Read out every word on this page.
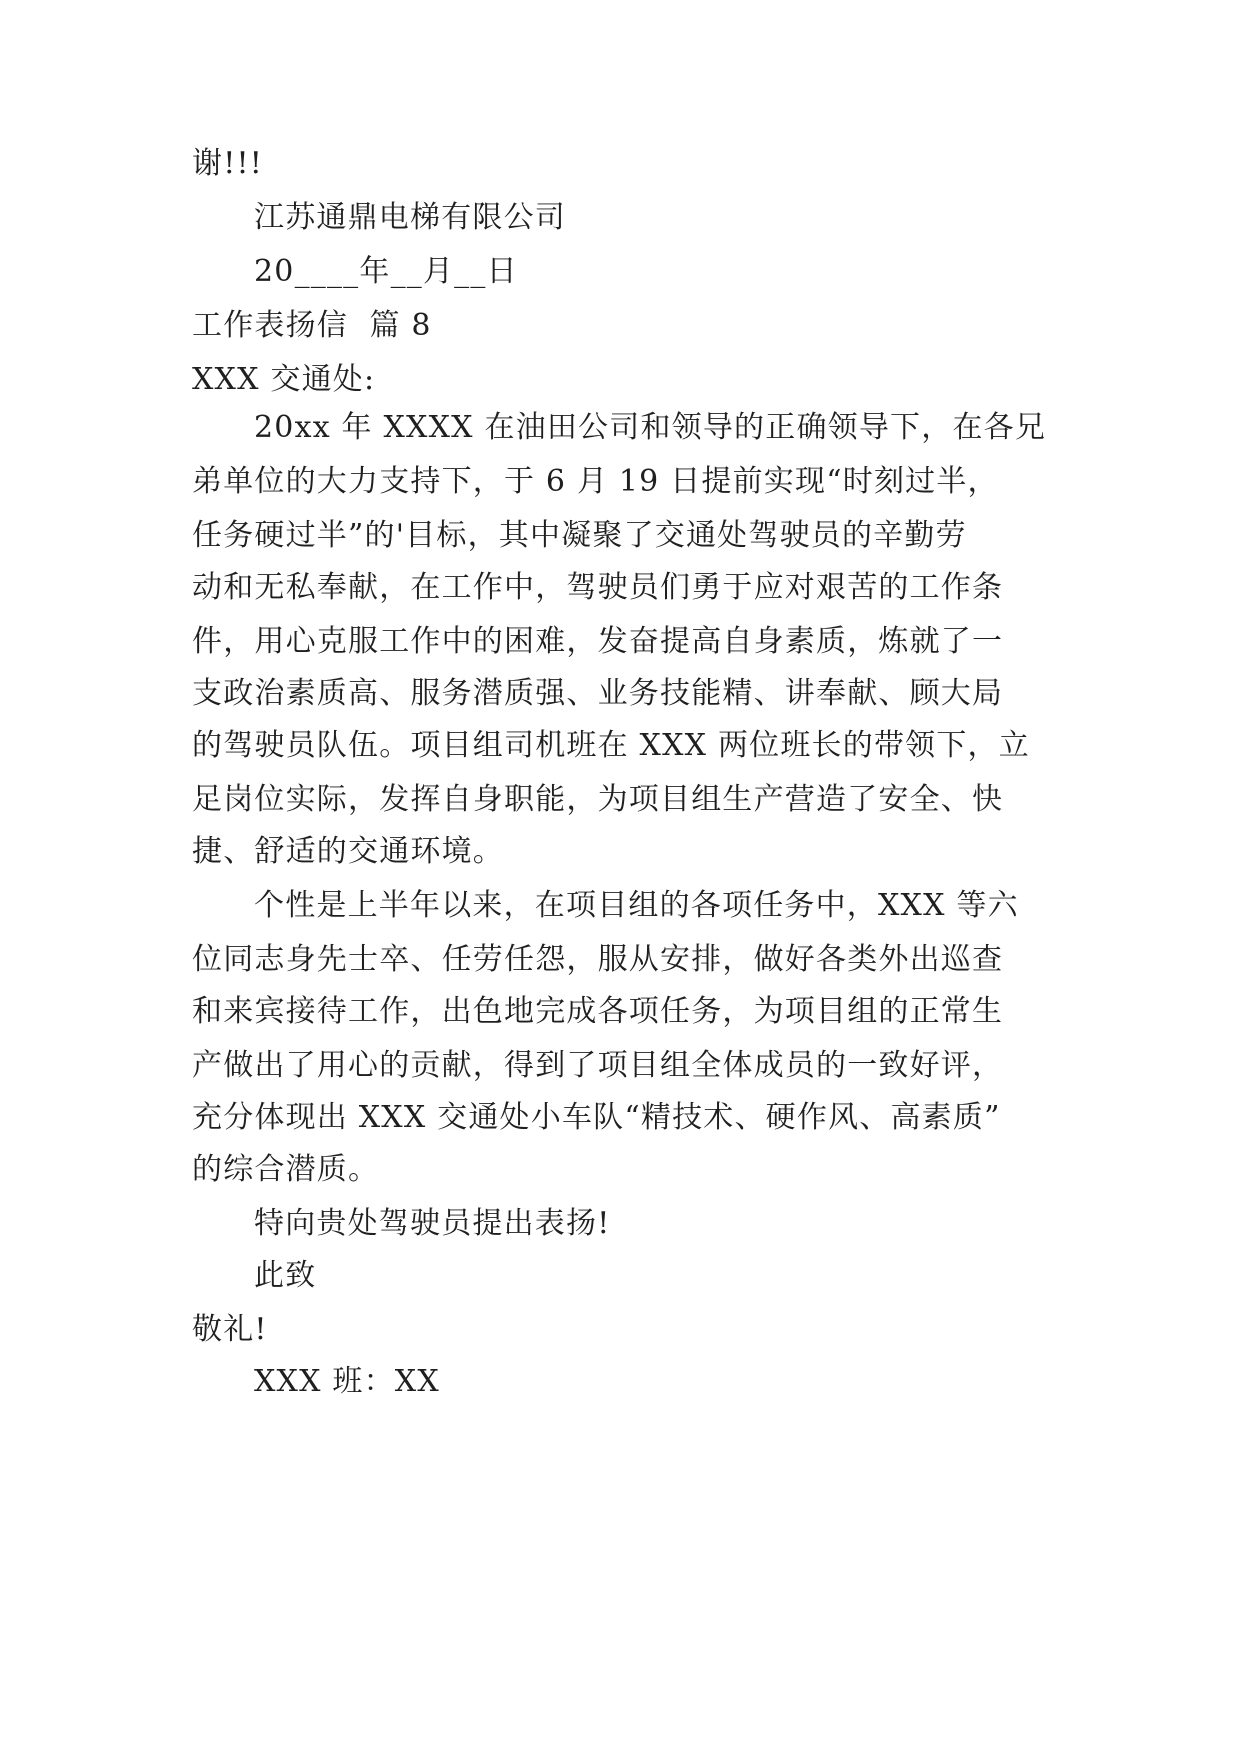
谢!!!

江苏通鼎电梯有限公司

20____年__月__日

工作表扬信  篇 8

XXX 交通处:

20xx 年 XXXX 在油田公司和领导的正确领导下，在各兄

弟单位的大力支持下，于 6 月 19 日提前实现“时刻过半，

任务硬过半”的'目标，其中凝聚了交通处驾驶员的辛勤劳

动和无私奉献，在工作中，驾驶员们勇于应对艰苦的工作条

件，用心克服工作中的困难，发奋提高自身素质，炼就了一

支政治素质高、服务潜质强、业务技能精、讲奉献、顾大局

的驾驶员队伍。项目组司机班在 XXX 两位班长的带领下，立

足岗位实际，发挥自身职能，为项目组生产营造了安全、快

捷、舒适的交通环境。

个性是上半年以来，在项目组的各项任务中，XXX 等六

位同志身先士卒、任劳任怨，服从安排，做好各类外出巡查

和来宾接待工作，出色地完成各项任务，为项目组的正常生

产做出了用心的贡献，得到了项目组全体成员的一致好评，

充分体现出 XXX 交通处小车队“精技术、硬作风、高素质”

的综合潜质。

特向贵处驾驶员提出表扬!

此致

敬礼!

XXX 班：XX
